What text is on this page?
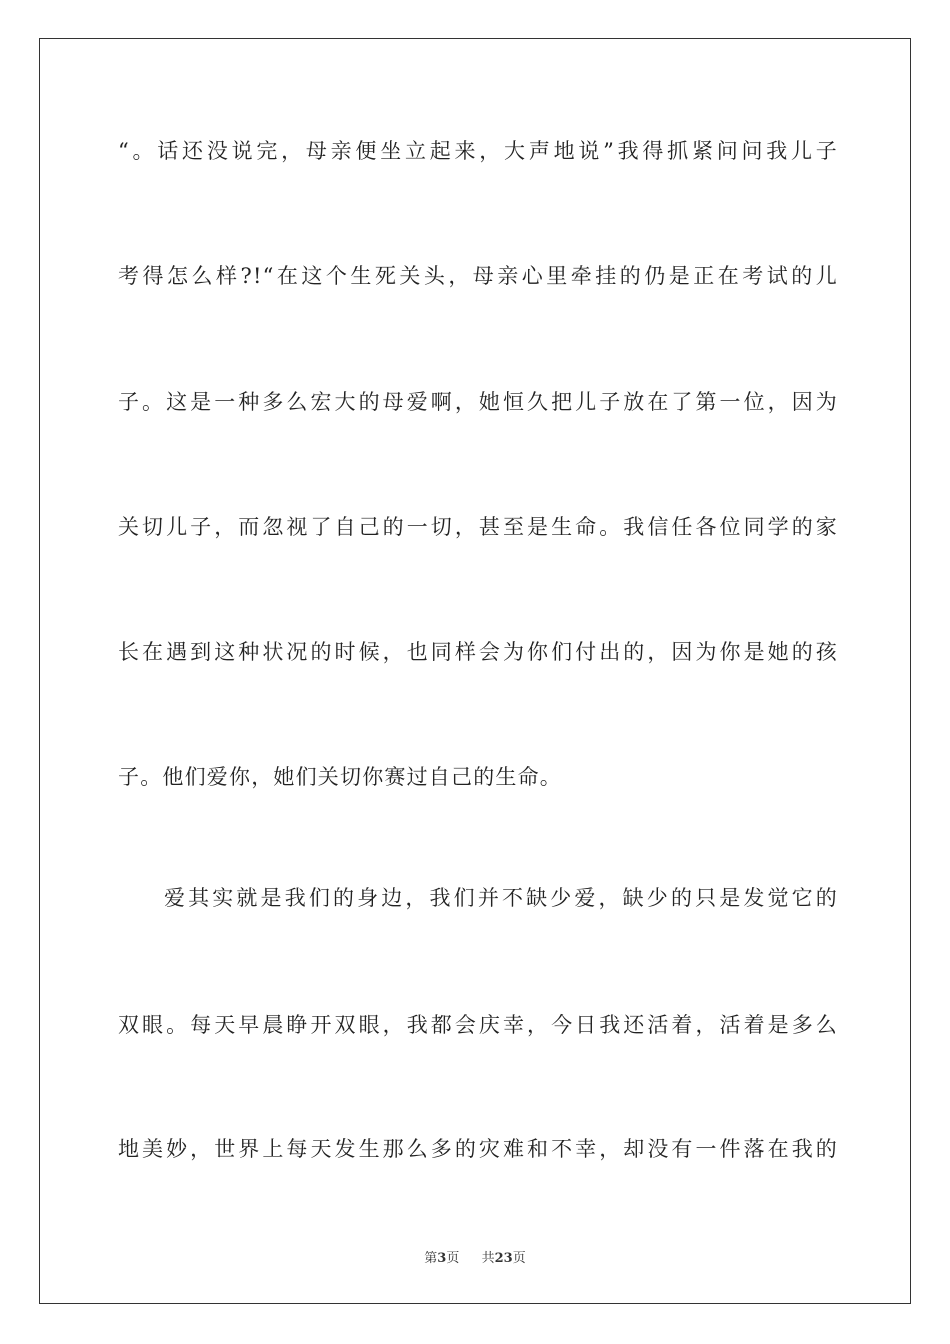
“。话还没说完，母亲便坐立起来，大声地说”我得抓紧问问我儿子
考得怎么样?!“在这个生死关头，母亲心里牵挂的仍是正在考试的儿
子。这是一种多么宏大的母爱啊，她恒久把儿子放在了第一位，因为
关切儿子，而忽视了自己的一切，甚至是生命。我信任各位同学的家
长在遇到这种状况的时候，也同样会为你们付出的，因为你是她的孩
子。他们爱你，她们关切你赛过自己的生命。
爱其实就是我们的身边，我们并不缺少爱，缺少的只是发觉它的
双眼。每天早晨睁开双眼，我都会庆幸，今日我还活着，活着是多么
地美妙，世界上每天发生那么多的灾难和不幸，却没有一件落在我的
第3页 共23页
